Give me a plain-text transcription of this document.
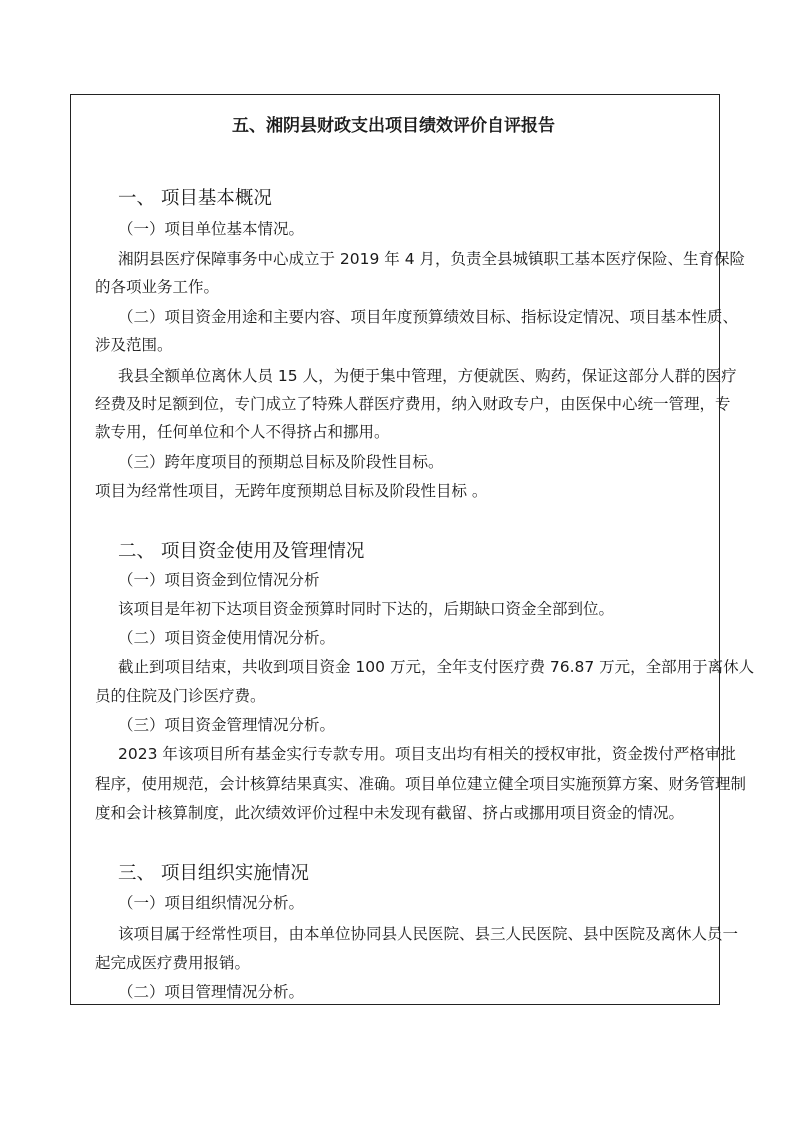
五、湘阴县财政支出项目绩效评价自评报告
一、 项目基本概况
（一）项目单位基本情况。
湘阴县医疗保障事务中心成立于 2019 年 4 月，负责全县城镇职工基本医疗保险、生育保险
的各项业务工作。
（二）项目资金用途和主要内容、项目年度预算绩效目标、指标设定情况、项目基本性质、
涉及范围。
我县全额单位离休人员 15 人，为便于集中管理，方便就医、购药，保证这部分人群的医疗
经费及时足额到位，专门成立了特殊人群医疗费用，纳入财政专户，由医保中心统一管理，专
款专用，任何单位和个人不得挤占和挪用。
（三）跨年度项目的预期总目标及阶段性目标。
项目为经常性项目，无跨年度预期总目标及阶段性目标 。
二、 项目资金使用及管理情况
（一）项目资金到位情况分析
该项目是年初下达项目资金预算时同时下达的，后期缺口资金全部到位。
（二）项目资金使用情况分析。
截止到项目结束，共收到项目资金 100 万元，全年支付医疗费 76.87 万元，全部用于离休人
员的住院及门诊医疗费。
（三）项目资金管理情况分析。
2023 年该项目所有基金实行专款专用。项目支出均有相关的授权审批，资金拨付严格审批
程序，使用规范，会计核算结果真实、准确。项目单位建立健全项目实施预算方案、财务管理制
度和会计核算制度，此次绩效评价过程中未发现有截留、挤占或挪用项目资金的情况。
三、 项目组织实施情况
（一）项目组织情况分析。
该项目属于经常性项目，由本单位协同县人民医院、县三人民医院、县中医院及离休人员一
起完成医疗费用报销。
（二）项目管理情况分析。
